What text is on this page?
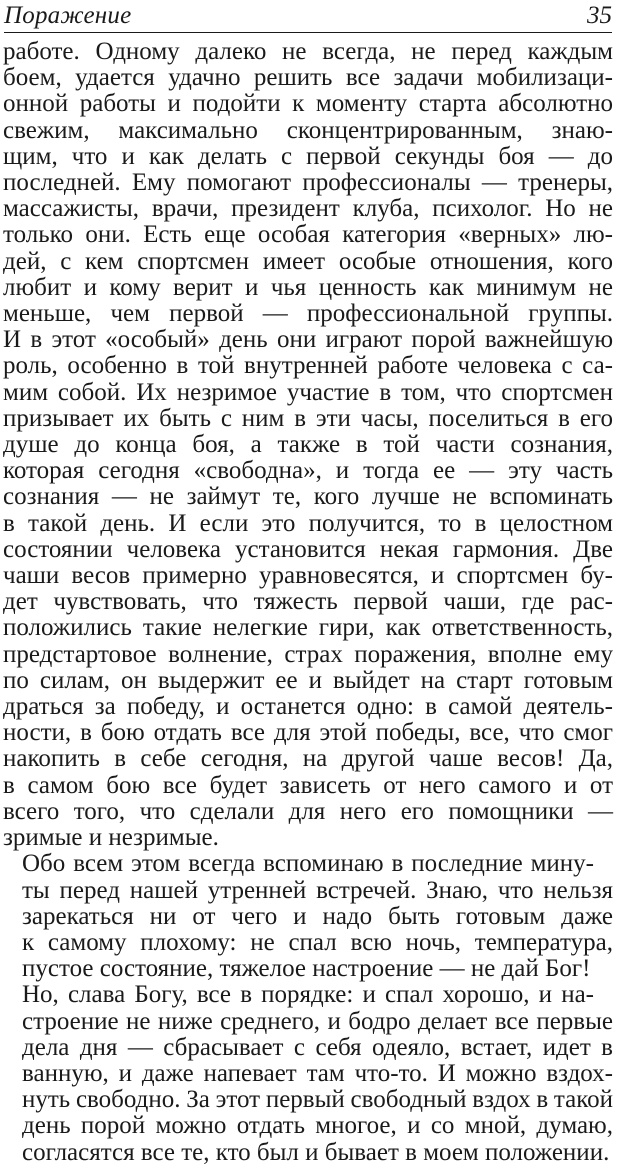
Поражение	35

работе. Одному далеко не всегда, не перед каждым
боем, удается удачно решить все задачи мобилизаци-
онной работы и подойти к моменту старта абсолютно
свежим, максимально сконцентрированным, знаю-
щим, что и как делать с первой секунды боя — до
последней. Ему помогают профессионалы — тренеры,
массажисты, врачи, президент клуба, психолог. Но не
только они. Есть еще особая категория «верных» лю-
дей, с кем спортсмен имеет особые отношения, кого
любит и кому верит и чья ценность как минимум не
меньше, чем первой — профессиональной группы.
И в этот «особый» день они играют порой важнейшую
роль, особенно в той внутренней работе человека с са-
мим собой. Их незримое участие в том, что спортсмен
призывает их быть с ним в эти часы, поселиться в его
душе до конца боя, а также в той части сознания,
которая сегодня «свободна», и тогда ее — эту часть
сознания — не займут те, кого лучше не вспоминать
в такой день. И если это получится, то в целостном
состоянии человека установится некая гармония. Две
чаши весов примерно уравновесятся, и спортсмен бу-
дет чувствовать, что тяжесть первой чаши, где рас-
положились такие нелегкие гири, как ответственность,
предстартовое волнение, страх поражения, вполне ему
по силам, он выдержит ее и выйдет на старт готовым
драться за победу, и останется одно: в самой деятель-
ности, в бою отдать все для этой победы, все, что смог
накопить в себе сегодня, на другой чаше весов! Да,
в самом бою все будет зависеть от него самого и от
всего того, что сделали для него его помощники —
зримые и незримые.

Обо всем этом всегда вспоминаю в последние мину-
ты перед нашей утренней встречей. Знаю, что нельзя
зарекаться ни от чего и надо быть готовым даже
к самому плохому: не спал всю ночь, температура,
пустое состояние, тяжелое настроение — не дай Бог!

Но, слава Богу, все в порядке: и спал хорошо, и на-
строение не ниже среднего, и бодро делает все первые
дела дня — сбрасывает с себя одеяло, встает, идет в
ванную, и даже напевает там что-то. И можно вздох-
нуть свободно. За этот первый свободный вздох в такой
день порой можно отдать многое, и со мной, думаю,
согласятся все те, кто был и бывает в моем положении.
